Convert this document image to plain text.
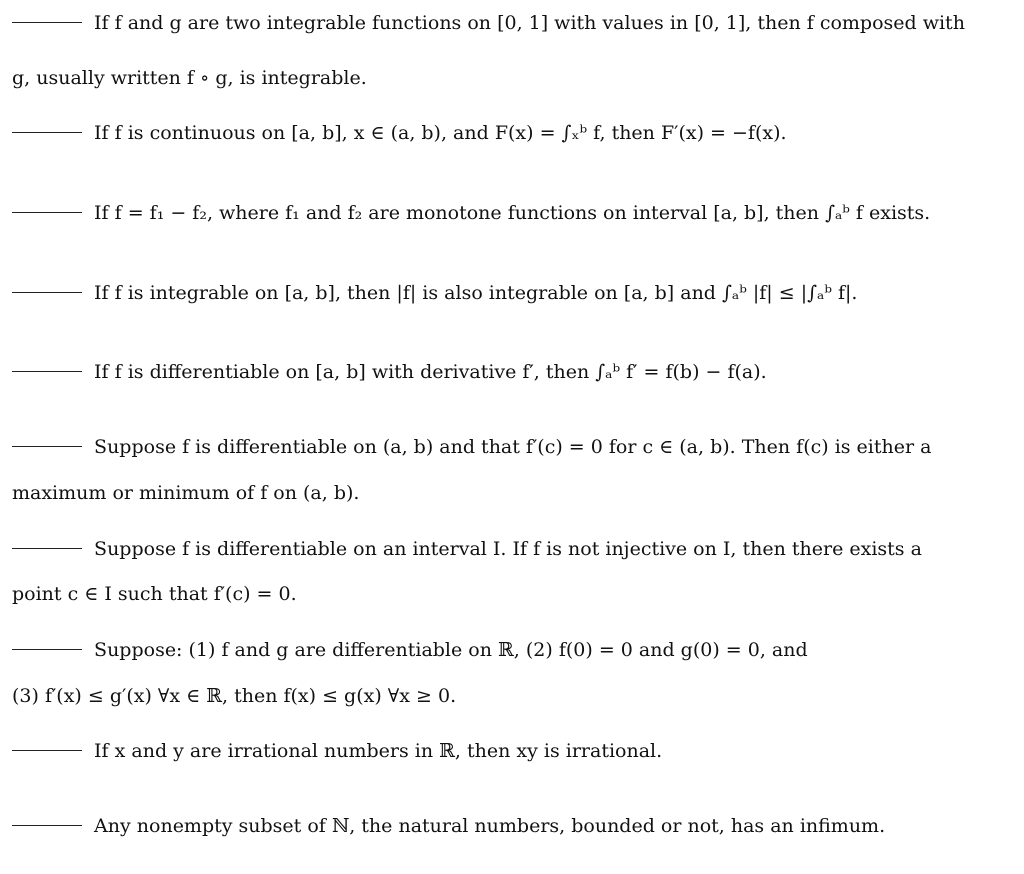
If f and g are two integrable functions on [0, 1] with values in [0, 1], then f composed with
g, usually written f ∘ g, is integrable.
If f is continuous on [a, b], x ∈ (a, b), and F(x) = ∫ₓᵇ f, then F′(x) = −f(x).
If f = f₁ − f₂, where f₁ and f₂ are monotone functions on interval [a, b], then ∫ₐᵇ f exists.
If f is integrable on [a, b], then |f| is also integrable on [a, b] and ∫ₐᵇ |f| ≤ |∫ₐᵇ f|.
If f is differentiable on [a, b] with derivative f′, then ∫ₐᵇ f′ = f(b) − f(a).
Suppose f is differentiable on (a, b) and that f′(c) = 0 for c ∈ (a, b). Then f(c) is either a
maximum or minimum of f on (a, b).
Suppose f is differentiable on an interval I. If f is not injective on I, then there exists a
point c ∈ I such that f′(c) = 0.
Suppose: (1) f and g are differentiable on ℝ, (2) f(0) = 0 and g(0) = 0, and
(3) f′(x) ≤ g′(x) ∀x ∈ ℝ, then f(x) ≤ g(x) ∀x ≥ 0.
If x and y are irrational numbers in ℝ, then xy is irrational.
Any nonempty subset of ℕ, the natural numbers, bounded or not, has an infimum.
